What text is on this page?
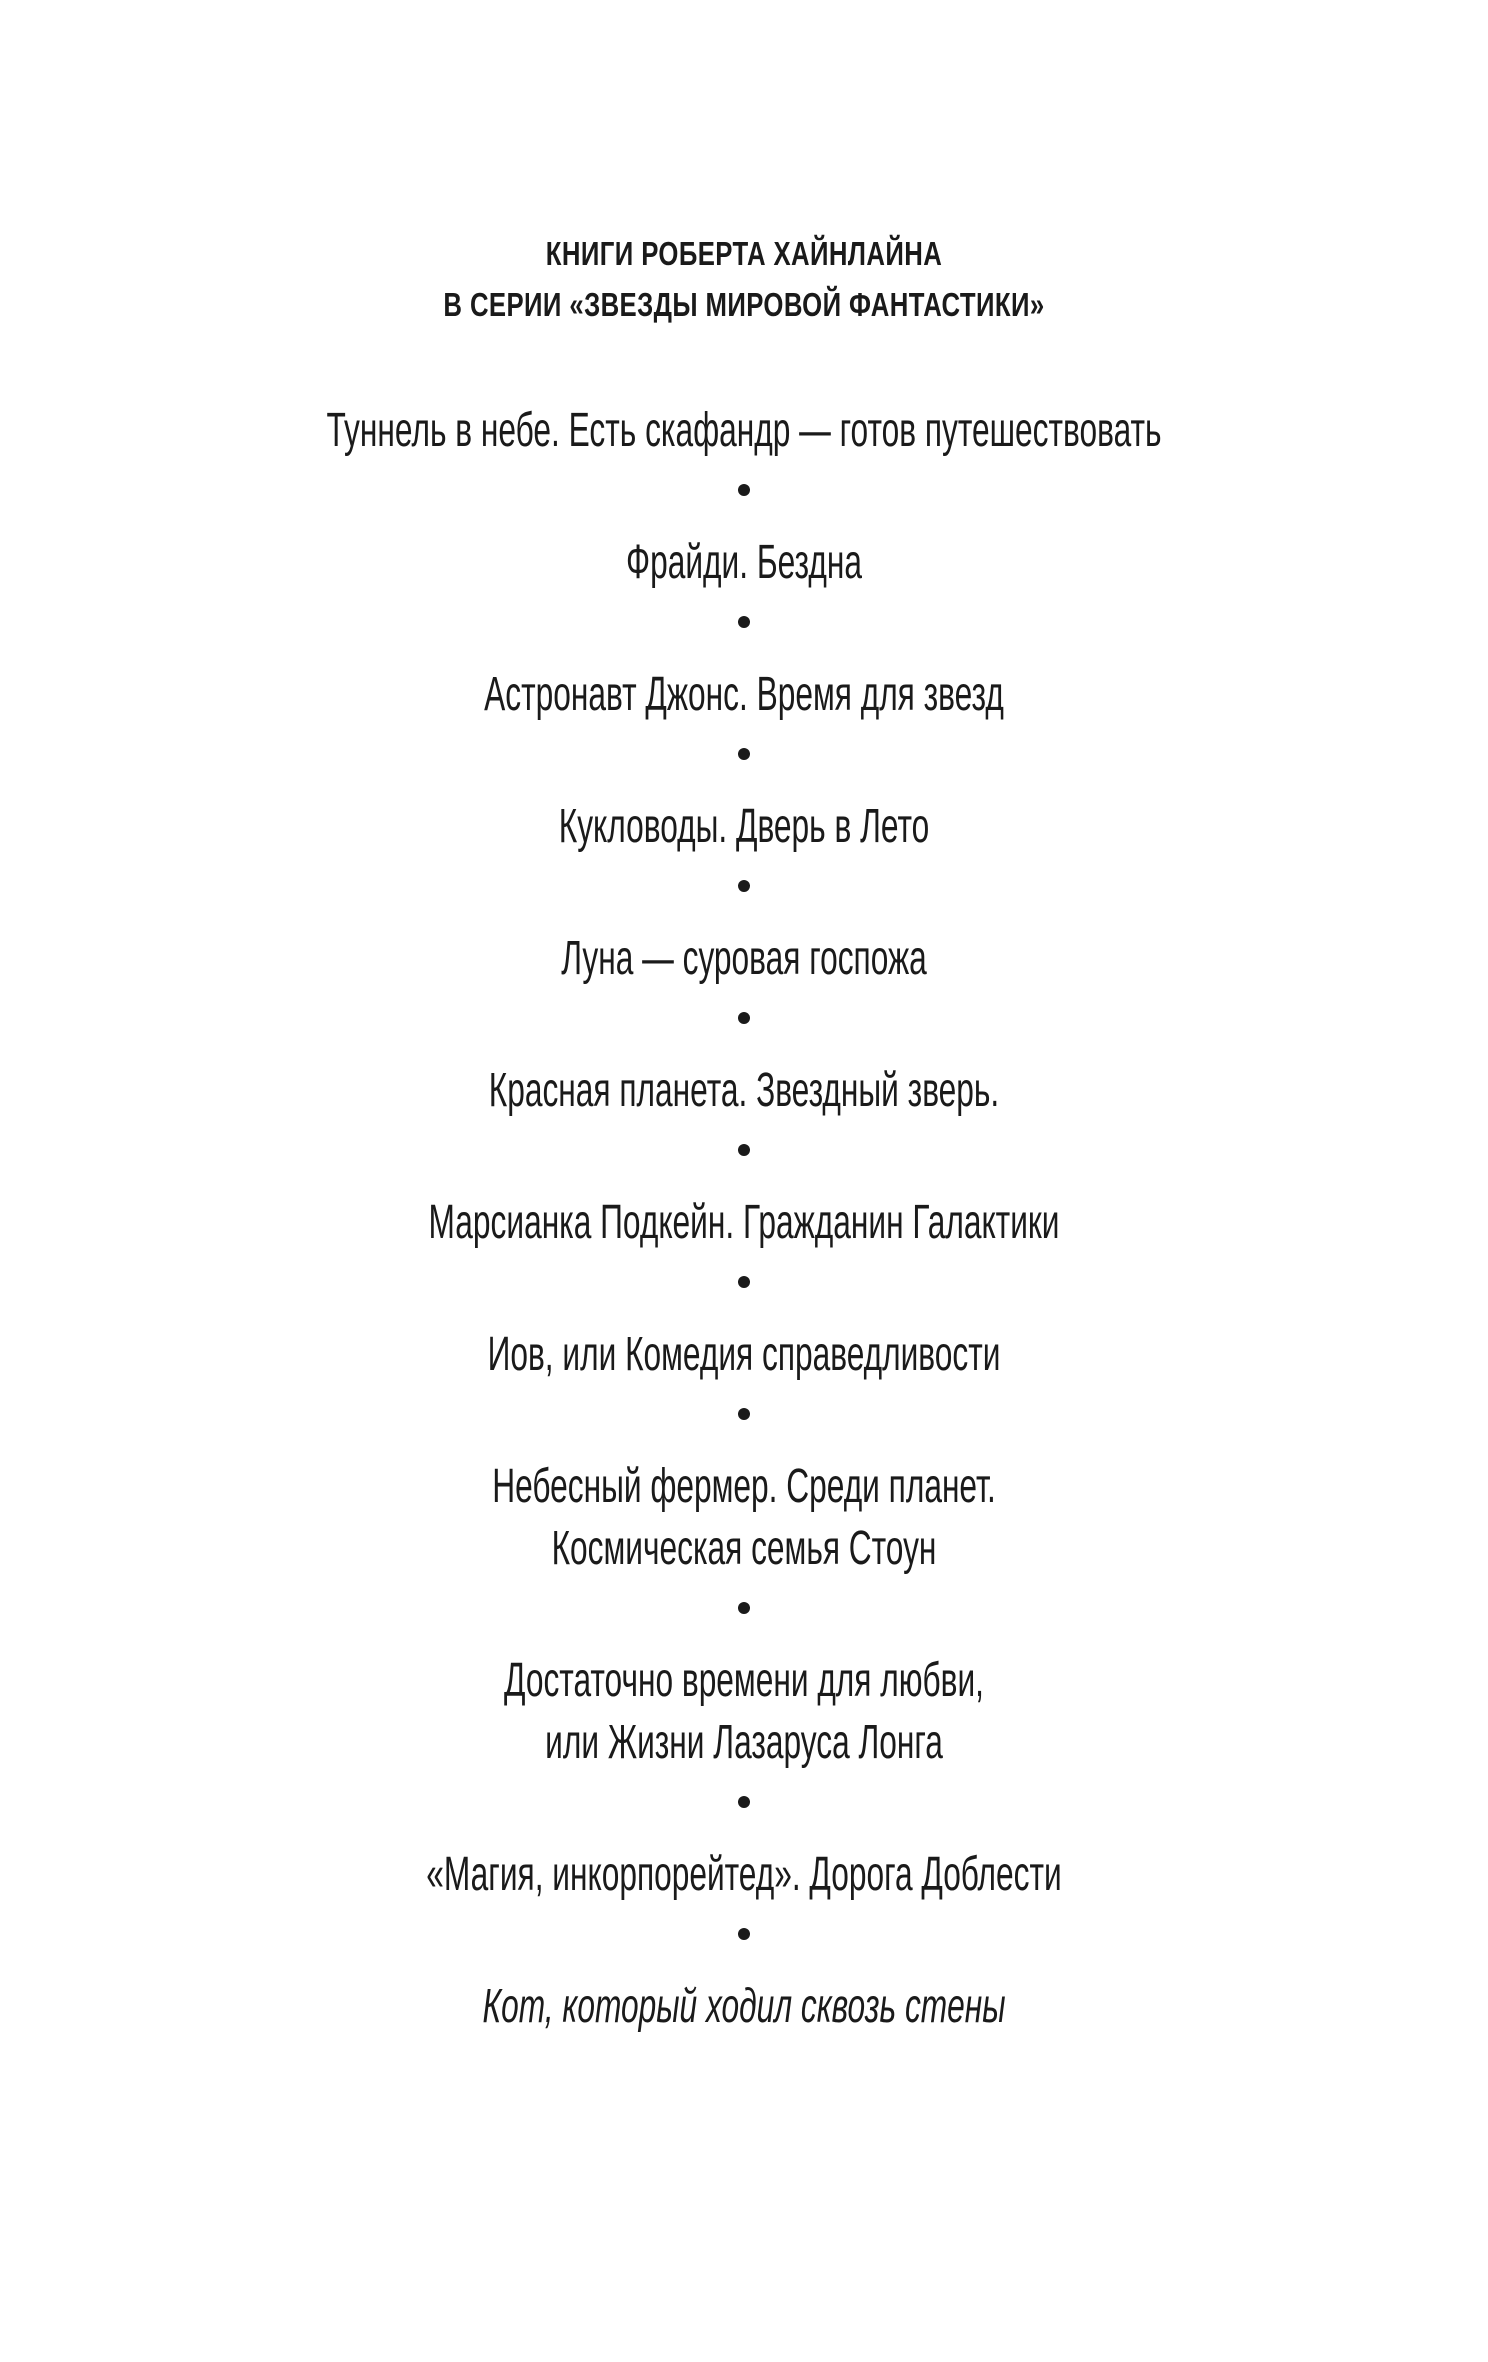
КНИГИ РОБЕРТА ХАЙНЛАЙНА
В СЕРИИ «ЗВЕЗДЫ МИРОВОЙ ФАНТАСТИКИ»
Туннель в небе. Есть скафандр — готов путешествовать
Фрайди. Бездна
Астронавт Джонс. Время для звезд
Кукловоды. Дверь в Лето
Луна — суровая госпожа
Красная планета. Звездный зверь.
Марсианка Подкейн. Гражданин Галактики
Иов, или Комедия справедливости
Небесный фермер. Среди планет.
Космическая семья Стоун
Достаточно времени для любви,
или Жизни Лазаруса Лонга
«Магия, инкорпорейтед». Дорога Доблести
Кот, который ходил сквозь стены
